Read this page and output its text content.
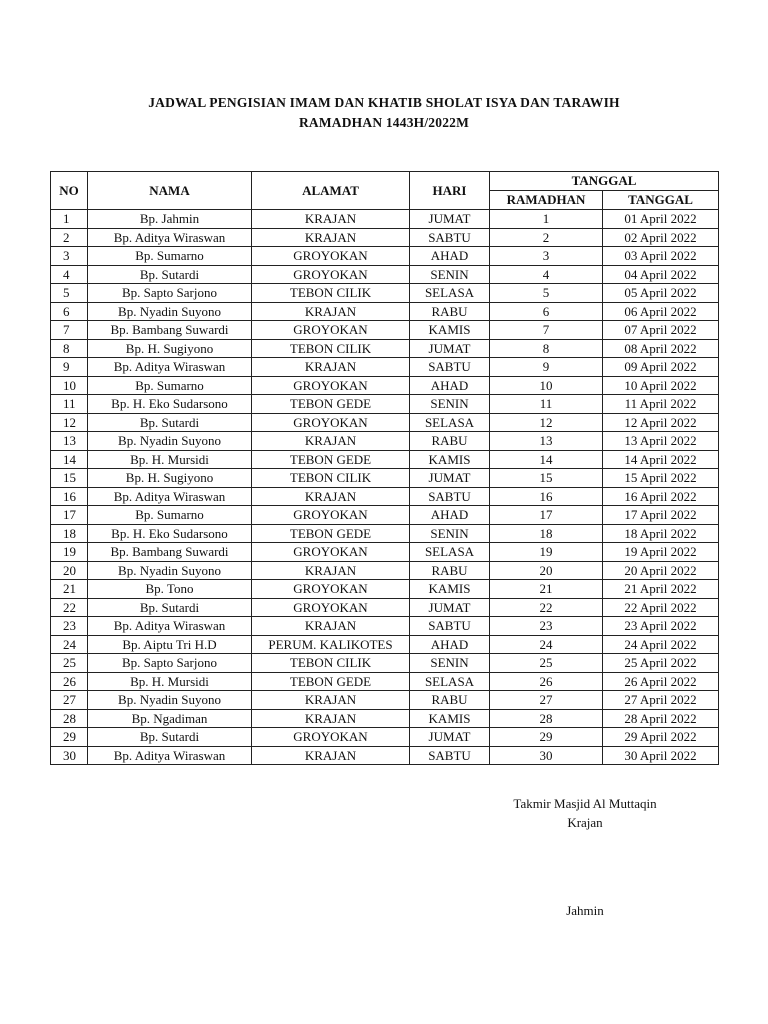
JADWAL PENGISIAN IMAM DAN KHATIB SHOLAT ISYA DAN TARAWIH
RAMADHAN 1443H/2022M
NO	NAMA	ALAMAT	HARI	TANGGAL	
				RAMADHAN	TANGGAL
1	Bp. Jahmin	KRAJAN	JUMAT	1	01 April 2022
2	Bp. Aditya Wiraswan	KRAJAN	SABTU	2	02 April 2022
3	Bp. Sumarno	GROYOKAN	AHAD	3	03 April 2022
4	Bp. Sutardi	GROYOKAN	SENIN	4	04 April 2022
5	Bp. Sapto Sarjono	TEBON CILIK	SELASA	5	05 April 2022
6	Bp. Nyadin Suyono	KRAJAN	RABU	6	06 April 2022
7	Bp. Bambang Suwardi	GROYOKAN	KAMIS	7	07 April 2022
8	Bp. H. Sugiyono	TEBON CILIK	JUMAT	8	08 April 2022
9	Bp. Aditya Wiraswan	KRAJAN	SABTU	9	09 April 2022
10	Bp. Sumarno	GROYOKAN	AHAD	10	10 April 2022
11	Bp. H. Eko Sudarsono	TEBON GEDE	SENIN	11	11 April 2022
12	Bp. Sutardi	GROYOKAN	SELASA	12	12 April 2022
13	Bp. Nyadin Suyono	KRAJAN	RABU	13	13 April 2022
14	Bp. H. Mursidi	TEBON GEDE	KAMIS	14	14 April 2022
15	Bp. H. Sugiyono	TEBON CILIK	JUMAT	15	15 April 2022
16	Bp. Aditya Wiraswan	KRAJAN	SABTU	16	16 April 2022
17	Bp. Sumarno	GROYOKAN	AHAD	17	17 April 2022
18	Bp. H. Eko Sudarsono	TEBON GEDE	SENIN	18	18 April 2022
19	Bp. Bambang Suwardi	GROYOKAN	SELASA	19	19 April 2022
20	Bp. Nyadin Suyono	KRAJAN	RABU	20	20 April 2022
21	Bp. Tono	GROYOKAN	KAMIS	21	21 April 2022
22	Bp. Sutardi	GROYOKAN	JUMAT	22	22 April 2022
23	Bp. Aditya Wiraswan	KRAJAN	SABTU	23	23 April 2022
24	Bp. Aiptu Tri H.D	PERUM. KALIKOTES	AHAD	24	24 April 2022
25	Bp. Sapto Sarjono	TEBON CILIK	SENIN	25	25 April 2022
26	Bp. H. Mursidi	TEBON GEDE	SELASA	26	26 April 2022
27	Bp. Nyadin Suyono	KRAJAN	RABU	27	27 April 2022
28	Bp. Ngadiman	KRAJAN	KAMIS	28	28 April 2022
29	Bp. Sutardi	GROYOKAN	JUMAT	29	29 April 2022
30	Bp. Aditya Wiraswan	KRAJAN	SABTU	30	30 April 2022
Takmir Masjid Al Muttaqin
Krajan
Jahmin
